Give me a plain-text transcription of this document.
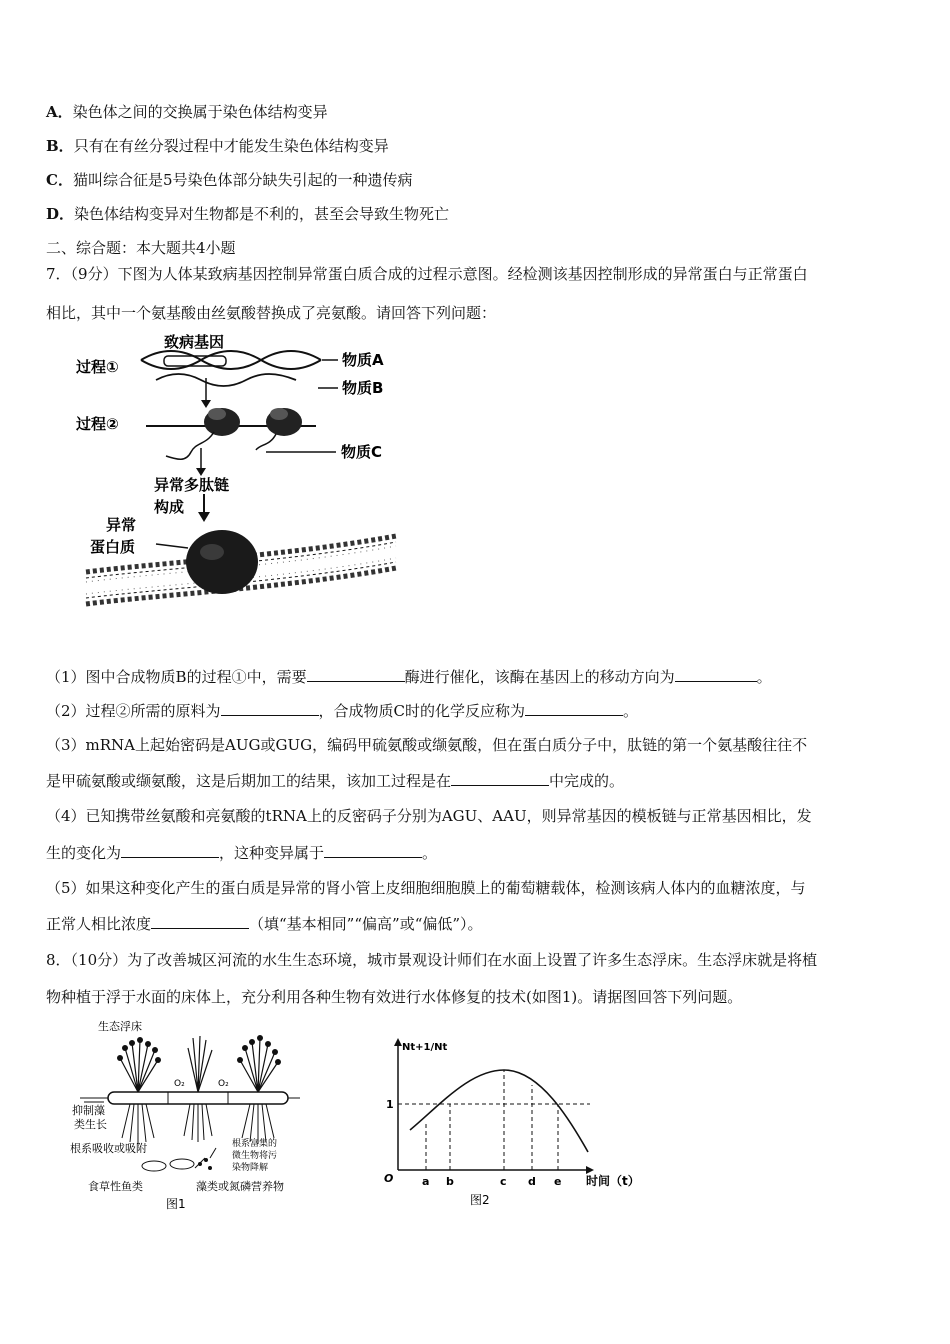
A．染色体之间的交换属于染色体结构变异
B．只有在有丝分裂过程中才能发生染色体结构变异
C．猫叫综合征是5号染色体部分缺失引起的一种遗传病
D．染色体结构变异对生物都是不利的，甚至会导致生物死亡
二、综合题：本大题共4小题
7．（9分）下图为人体某致病基因控制异常蛋白质合成的过程示意图。经检测该基因控制形成的异常蛋白与正常蛋白
相比，其中一个氨基酸由丝氨酸替换成了亮氨酸。请回答下列问题：
致病基因
过程①	物质A
物质B
过程②
物质C
异常多肽链
构成
异常
蛋白质
（1）图中合成物质B的过程①中，需要	酶进行催化，该酶在基因上的移动方向为	。
（2）过程②所需的原料为	，合成物质C时的化学反应称为	。
（3）mRNA上起始密码是AUG或GUG，编码甲硫氨酸或缬氨酸，但在蛋白质分子中，肽链的第一个氨基酸往往不
是甲硫氨酸或缬氨酸，这是后期加工的结果，该加工过程是在	中完成的。
（4）已知携带丝氨酸和亮氨酸的tRNA上的反密码子分别为AGU、AAU，则异常基因的模板链与正常基因相比，发
生的变化为	，这种变异属于	。
（5）如果这种变化产生的蛋白质是异常的肾小管上皮细胞细胞膜上的葡萄糖载体，检测该病人体内的血糖浓度，与
正常人相比浓度	（填“基本相同”“偏高”或“偏低”）。
8．（10分）为了改善城区河流的水生生态环境，城市景观设计师们在水面上设置了许多生态浮床。生态浮床就是将植
物种植于浮于水面的床体上，充分利用各种生物有效进行水体修复的技术(如图1)。请据图回答下列问题。
生态浮床
O₂	O₂
抑制藻
类生长
根系吸收或吸附	根系富集的
微生物将污
染物降解
食草性鱼类	藻类或氮磷营养物
图1
Nt+1/Nt
O
1
a b	c d e 时间（t）
图2
